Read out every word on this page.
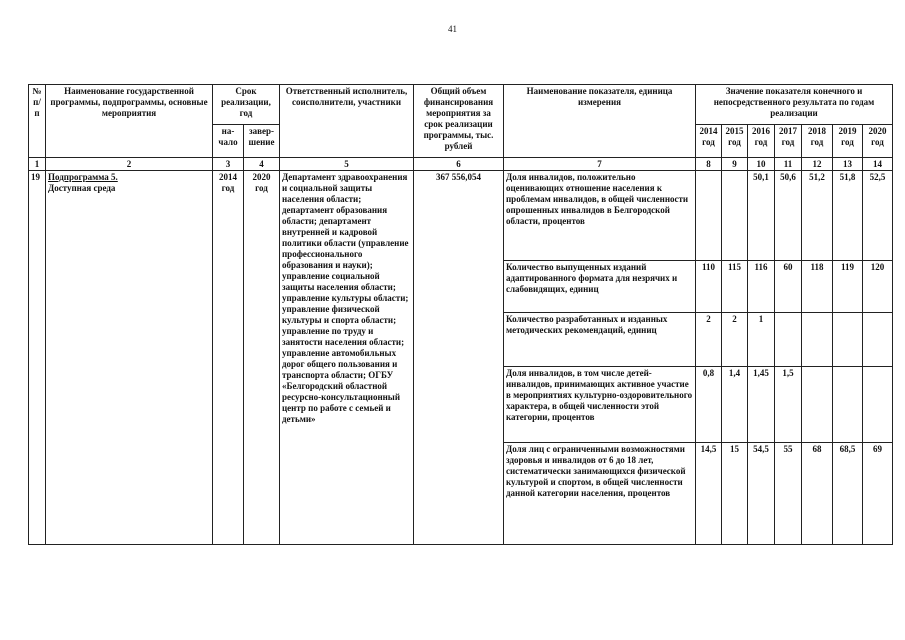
41
№ п/п	Наименование государственной программы, подпрограммы, основные мероприятия	Срок реализации, год		Ответственный исполнитель, соисполнители, участники	Общий объем финансирования мероприятия за срок реализации программы, тыс. рублей	Наименование показателя, единица измерения	Значение показателя конечного и непосредственного результата по годам реализации						
		на-чало	завер-шение				2014 год	2015 год	2016 год	2017 год	2018 год	2019 год	2020 год
1	2	3	4	5	6	7	8	9	10	11	12	13	14
19	Подпрограмма 5.
Доступная среда	2014 год	2020 год	Департамент здравоохранения и социальной защиты населения области; департамент образования области; департамент внутренней и кадровой политики области (управление профессионального образования и науки); управление социальной защиты населения области; управление культуры области; управление физической культуры и спорта области; управление по труду и занятости населения области; управление автомобильных дорог общего пользования и транспорта области; ОГБУ «Белгородский областной ресурсно-консультационный центр по работе с семьей и детьми»	367 556,054	Доля инвалидов, положительно оценивающих отношение населения к проблемам инвалидов, в общей численности опрошенных инвалидов в Белгородской области, процентов			50,1	50,6	51,2	51,8	52,5
						Количество выпущенных изданий адаптированного формата для незрячих и слабовидящих, единиц	110	115	116	60	118	119	120
						Количество разработанных и изданных методических рекомендаций, единиц	2	2	1				
						Доля инвалидов, в том числе детей-инвалидов, принимающих активное участие в мероприятиях культурно-оздоровительного характера, в общей численности этой категории, процентов	0,8	1,4	1,45	1,5			
						Доля лиц с ограниченными возможностями здоровья и инвалидов от 6 до 18 лет, систематически занимающихся физической культурой и спортом, в общей численности данной категории населения, процентов	14,5	15	54,5	55	68	68,5	69
